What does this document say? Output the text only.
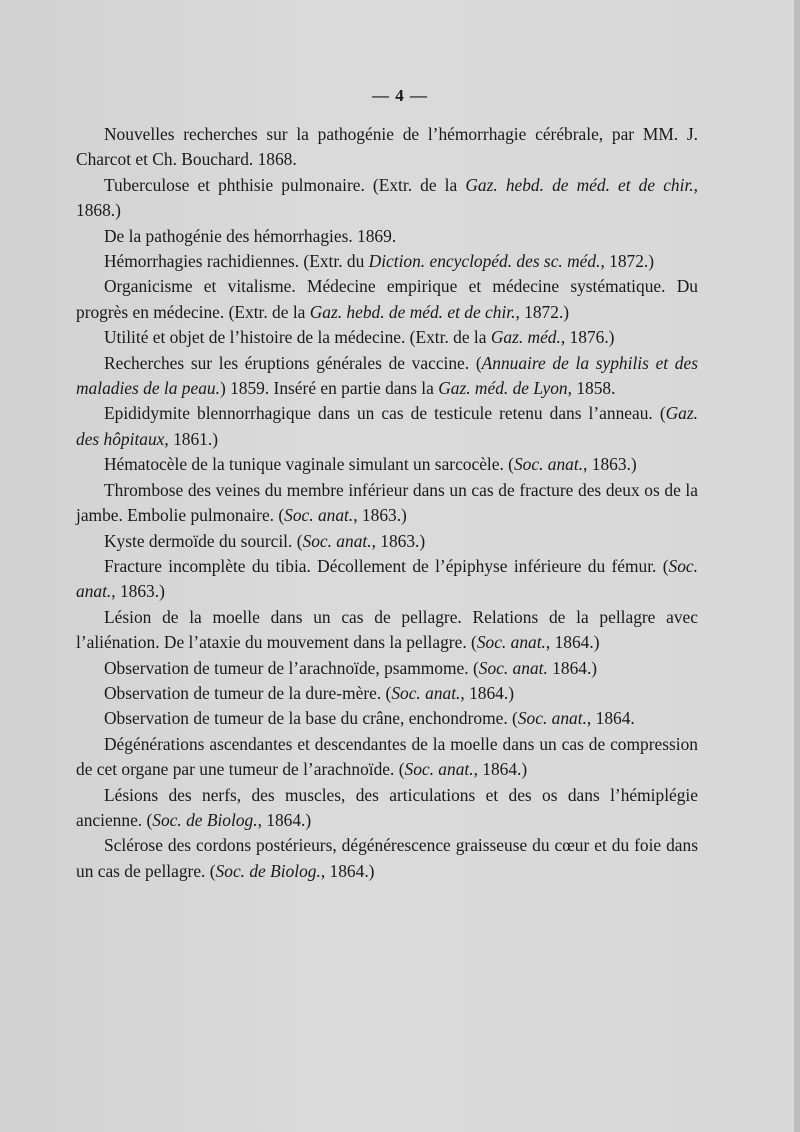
— 4 —

Nouvelles recherches sur la pathogénie de l’hémorrhagie cérébrale, par MM. J. Charcot et Ch. Bouchard. 1868.

Tuberculose et phthisie pulmonaire. (Extr. de la Gaz. hebd. de méd. et de chir., 1868.)

De la pathogénie des hémorrhagies. 1869.

Hémorrhagies rachidiennes. (Extr. du Diction. encyclopéd. des sc. méd., 1872.)

Organicisme et vitalisme. Médecine empirique et médecine systématique. Du progrès en médecine. (Extr. de la Gaz. hebd. de méd. et de chir., 1872.)

Utilité et objet de l’histoire de la médecine. (Extr. de la Gaz. méd., 1876.)

Recherches sur les éruptions générales de vaccine. (Annuaire de la syphilis et des maladies de la peau.) 1859. Inséré en partie dans la Gaz. méd. de Lyon, 1858.

Epididymite blennorrhagique dans un cas de testicule retenu dans l’anneau. (Gaz. des hôpitaux, 1861.)

Hématocèle de la tunique vaginale simulant un sarcocèle. (Soc. anat., 1863.)

Thrombose des veines du membre inférieur dans un cas de fracture des deux os de la jambe. Embolie pulmonaire. (Soc. anat., 1863.)

Kyste dermoïde du sourcil. (Soc. anat., 1863.)

Fracture incomplète du tibia. Décollement de l’épiphyse inférieure du fémur. (Soc. anat., 1863.)

Lésion de la moelle dans un cas de pellagre. Relations de la pellagre avec l’aliénation. De l’ataxie du mouvement dans la pellagre. (Soc. anat., 1864.)

Observation de tumeur de l’arachnoïde, psammome. (Soc. anat. 1864.)

Observation de tumeur de la dure-mère. (Soc. anat., 1864.)

Observation de tumeur de la base du crâne, enchondrome. (Soc. anat., 1864.

Dégénérations ascendantes et descendantes de la moelle dans un cas de compression de cet organe par une tumeur de l’arachnoïde. (Soc. anat., 1864.)

Lésions des nerfs, des muscles, des articulations et des os dans l’hémiplégie ancienne. (Soc. de Biolog., 1864.)

Sclérose des cordons postérieurs, dégénérescence graisseuse du cœur et du foie dans un cas de pellagre. (Soc. de Biolog., 1864.)
